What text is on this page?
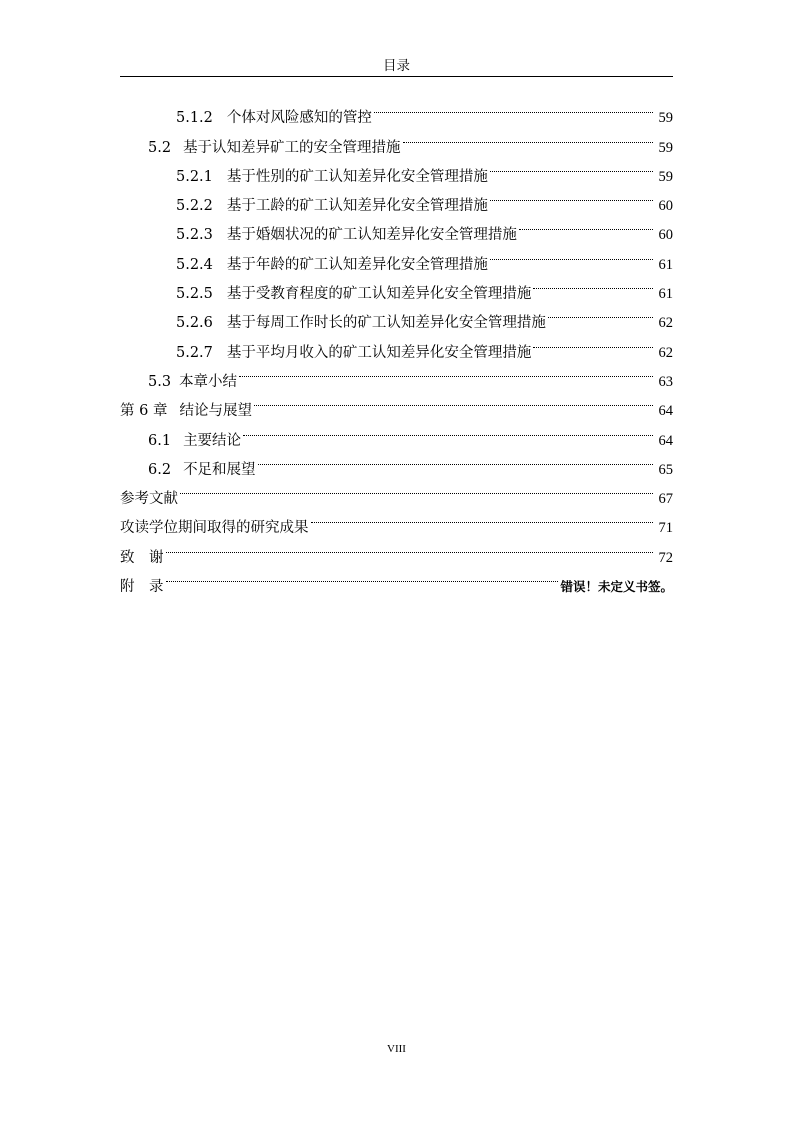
目录
5.1.2 个体对风险感知的管控	59
5.2 基于认知差异矿工的安全管理措施	59
5.2.1 基于性别的矿工认知差异化安全管理措施	59
5.2.2 基于工龄的矿工认知差异化安全管理措施	60
5.2.3 基于婚姻状况的矿工认知差异化安全管理措施	60
5.2.4 基于年龄的矿工认知差异化安全管理措施	61
5.2.5 基于受教育程度的矿工认知差异化安全管理措施	61
5.2.6 基于每周工作时长的矿工认知差异化安全管理措施	62
5.2.7 基于平均月收入的矿工认知差异化安全管理措施	62
5.3 本章小结	63
第 6 章 结论与展望	64
6.1 主要结论	64
6.2 不足和展望	65
参考文献	67
攻读学位期间取得的研究成果	71
致　谢	72
附　录	错误！未定义书签。
VIII
